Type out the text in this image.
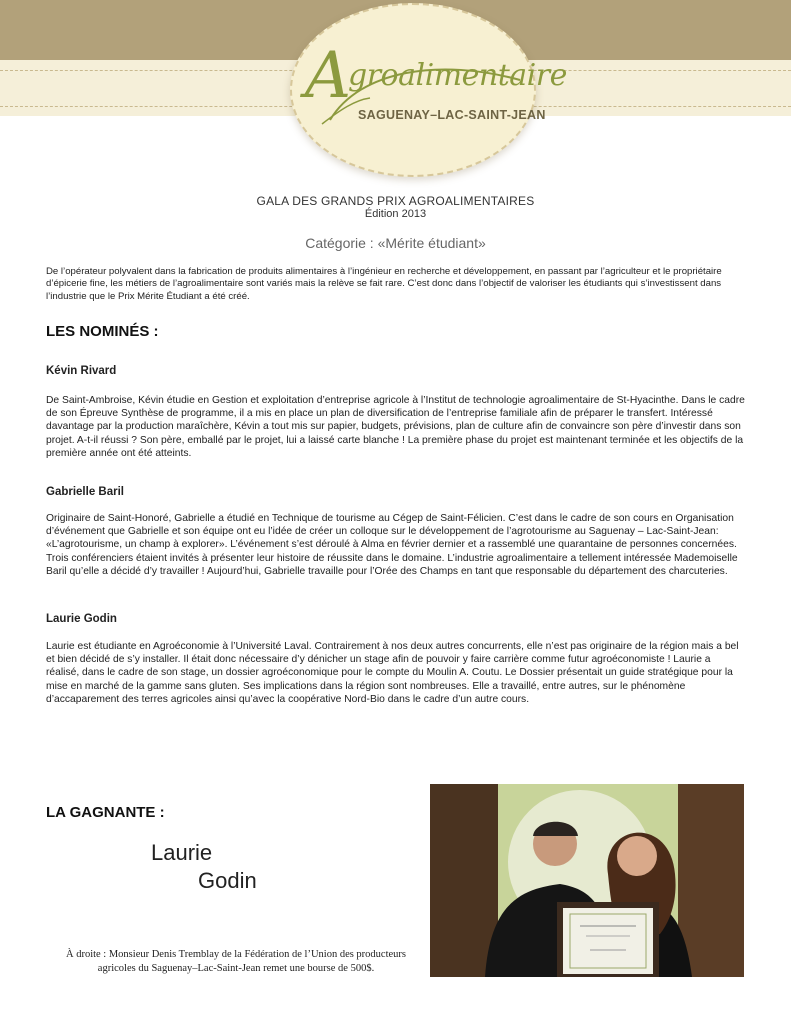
A
groalimentaire
SAGUENAY–LAC-SAINT-JEAN
GALA DES GRANDS PRIX AGROALIMENTAIRES
Édition 2013
Catégorie : «Mérite étudiant»
De l’opérateur polyvalent dans la fabrication de produits alimentaires à l’ingénieur en recherche et développement, en passant par l’agriculteur et le propriétaire d’épicerie fine, les métiers de l’agroalimentaire sont variés mais la relève se fait rare. C’est donc dans l’objectif de valoriser les étudiants qui s’investissent dans l’industrie que le Prix Mérite Étudiant a été créé.
LES NOMINÉS :
Kévin Rivard
De Saint-Ambroise, Kévin étudie en Gestion et exploitation d’entreprise agricole à l’Institut de technologie agroalimentaire de St-Hyacinthe. Dans le cadre de son Épreuve Synthèse de programme, il a mis en place un plan de diversification de l’entreprise familiale afin de préparer le transfert. Intéressé davantage par la production maraîchère, Kévin a tout mis sur papier, budgets, prévisions, plan de culture afin de convaincre son père d’investir dans son projet. A-t-il réussi ? Son père, emballé par le projet, lui a laissé carte blanche ! La première phase du projet est maintenant terminée et les objectifs de la première année ont été atteints.
Gabrielle Baril
Originaire de Saint-Honoré, Gabrielle a étudié en Technique de tourisme au Cégep de Saint-Félicien. C’est dans le cadre de son cours en Organisation d’événement que Gabrielle et son équipe ont eu l’idée de créer un colloque sur le développement de l’agrotourisme au Saguenay – Lac-Saint-Jean: «L’agrotourisme, un champ à explorer». L’événement s’est déroulé à Alma en février dernier et a rassemblé une quarantaine de personnes concernées. Trois conférenciers étaient invités à présenter leur histoire de réussite dans le domaine. L’industrie agroalimentaire a tellement intéressée Mademoiselle Baril qu’elle a décidé d’y travailler ! Aujourd’hui, Gabrielle travaille pour l’Orée des Champs en tant que responsable du département des charcuteries.
Laurie Godin
Laurie est étudiante en Agroéconomie à l’Université Laval. Contrairement à nos deux autres concurrents, elle n’est pas originaire de la région mais a bel et bien décidé de s’y installer. Il était donc nécessaire d’y dénicher un stage afin de pouvoir y faire carrière comme futur agroéconomiste ! Laurie a réalisé, dans le cadre de son stage, un dossier agroéconomique pour le compte du Moulin A. Coutu. Le Dossier présentait un guide stratégique pour la mise en marché de la gamme sans gluten. Ses implications dans la région sont nombreuses. Elle a travaillé, entre autres, sur le phénomène d’accaparement des terres agricoles ainsi qu’avec la coopérative Nord-Bio dans le cadre d’un autre cours.
LA GAGNANTE :
Laurie
Godin
À droite : Monsieur Denis Tremblay de la Fédération de l’Union des producteurs agricoles du Saguenay–Lac-Saint-Jean remet une bourse de 500$.
